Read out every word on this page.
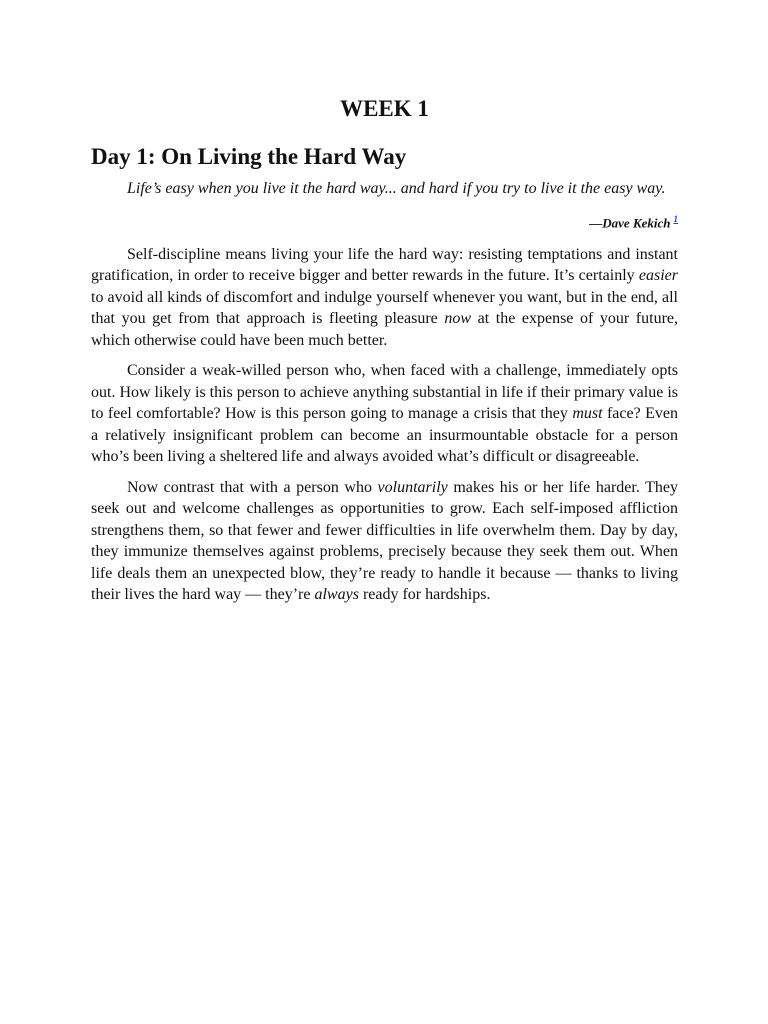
WEEK 1
Day 1: On Living the Hard Way

Life’s easy when you live it the hard way... and hard if you try to live it the easy way.

—Dave Kekich $^1$

Self-discipline means living your life the hard way: resisting temptations and instant gratification, in order to receive bigger and better rewards in the future. It’s certainly easier to avoid all kinds of discomfort and indulge yourself whenever you want, but in the end, all that you get from that approach is fleeting pleasure now at the expense of your future, which otherwise could have been much better.

Consider a weak-willed person who, when faced with a challenge, immediately opts out. How likely is this person to achieve anything substantial in life if their primary value is to feel comfortable? How is this person going to manage a crisis that they must face? Even a relatively insignificant problem can become an insurmountable obstacle for a person who’s been living a sheltered life and always avoided what’s difficult or disagreeable.

Now contrast that with a person who voluntarily makes his or her life harder. They seek out and welcome challenges as opportunities to grow. Each self-imposed affliction strengthens them, so that fewer and fewer difficulties in life overwhelm them. Day by day, they immunize themselves against problems, precisely because they seek them out. When life deals them an unexpected blow, they’re ready to handle it because — thanks to living their lives the hard way — they’re always ready for hardships.
